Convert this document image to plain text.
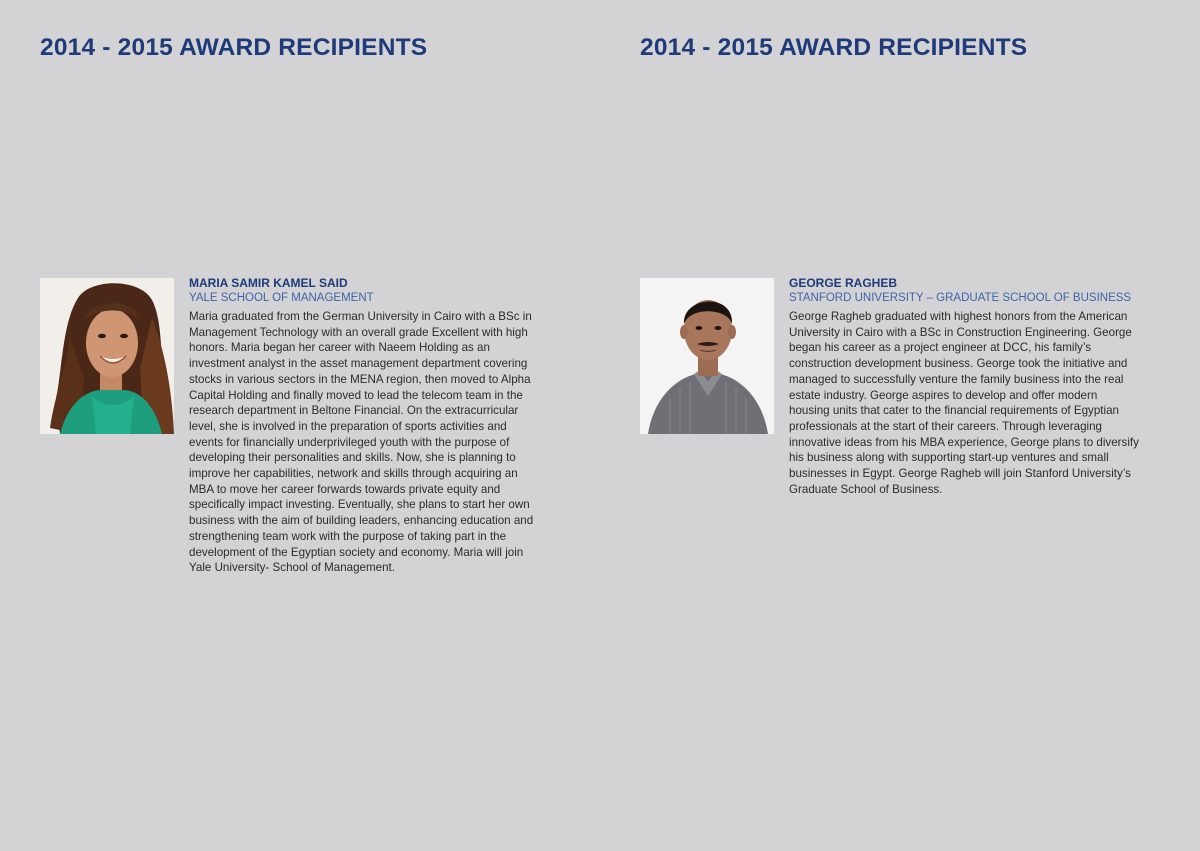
2014 - 2015 AWARD RECIPIENTS

MARIA SAMIR KAMEL SAID

YALE SCHOOL OF MANAGEMENT

Maria graduated from the German University in Cairo with a BSc in Management Technology with an overall grade Excellent with high honors. Maria began her career with Naeem Holding as an investment analyst in the asset management department covering stocks in various sectors in the MENA region, then moved to Alpha Capital Holding and finally moved to lead the telecom team in the research department in Beltone Financial. On the extracurricular level, she is involved in the preparation of sports activities and events for financially underprivileged youth with the purpose of developing their personalities and skills. Now, she is planning to improve her capabilities, network and skills through acquiring an MBA to move her career forwards towards private equity and specifically impact investing. Eventually, she plans to start her own business with the aim of building leaders, enhancing education and strengthening team work with the purpose of taking part in the development of the Egyptian society and economy. Maria will join Yale University- School of Management.

2014 - 2015 AWARD RECIPIENTS

GEORGE RAGHEB

STANFORD UNIVERSITY – GRADUATE SCHOOL OF BUSINESS

George Ragheb graduated with highest honors from the American University in Cairo with a BSc in Construction Engineering. George began his career as a project engineer at DCC, his family’s construction development business. George took the initiative and managed to successfully venture the family business into the real estate industry. George aspires to develop and offer modern housing units that cater to the financial requirements of Egyptian professionals at the start of their careers. Through leveraging innovative ideas from his MBA experience, George plans to diversify his business along with supporting start-up ventures and small businesses in Egypt. George Ragheb will join Stanford University’s Graduate School of Business.
